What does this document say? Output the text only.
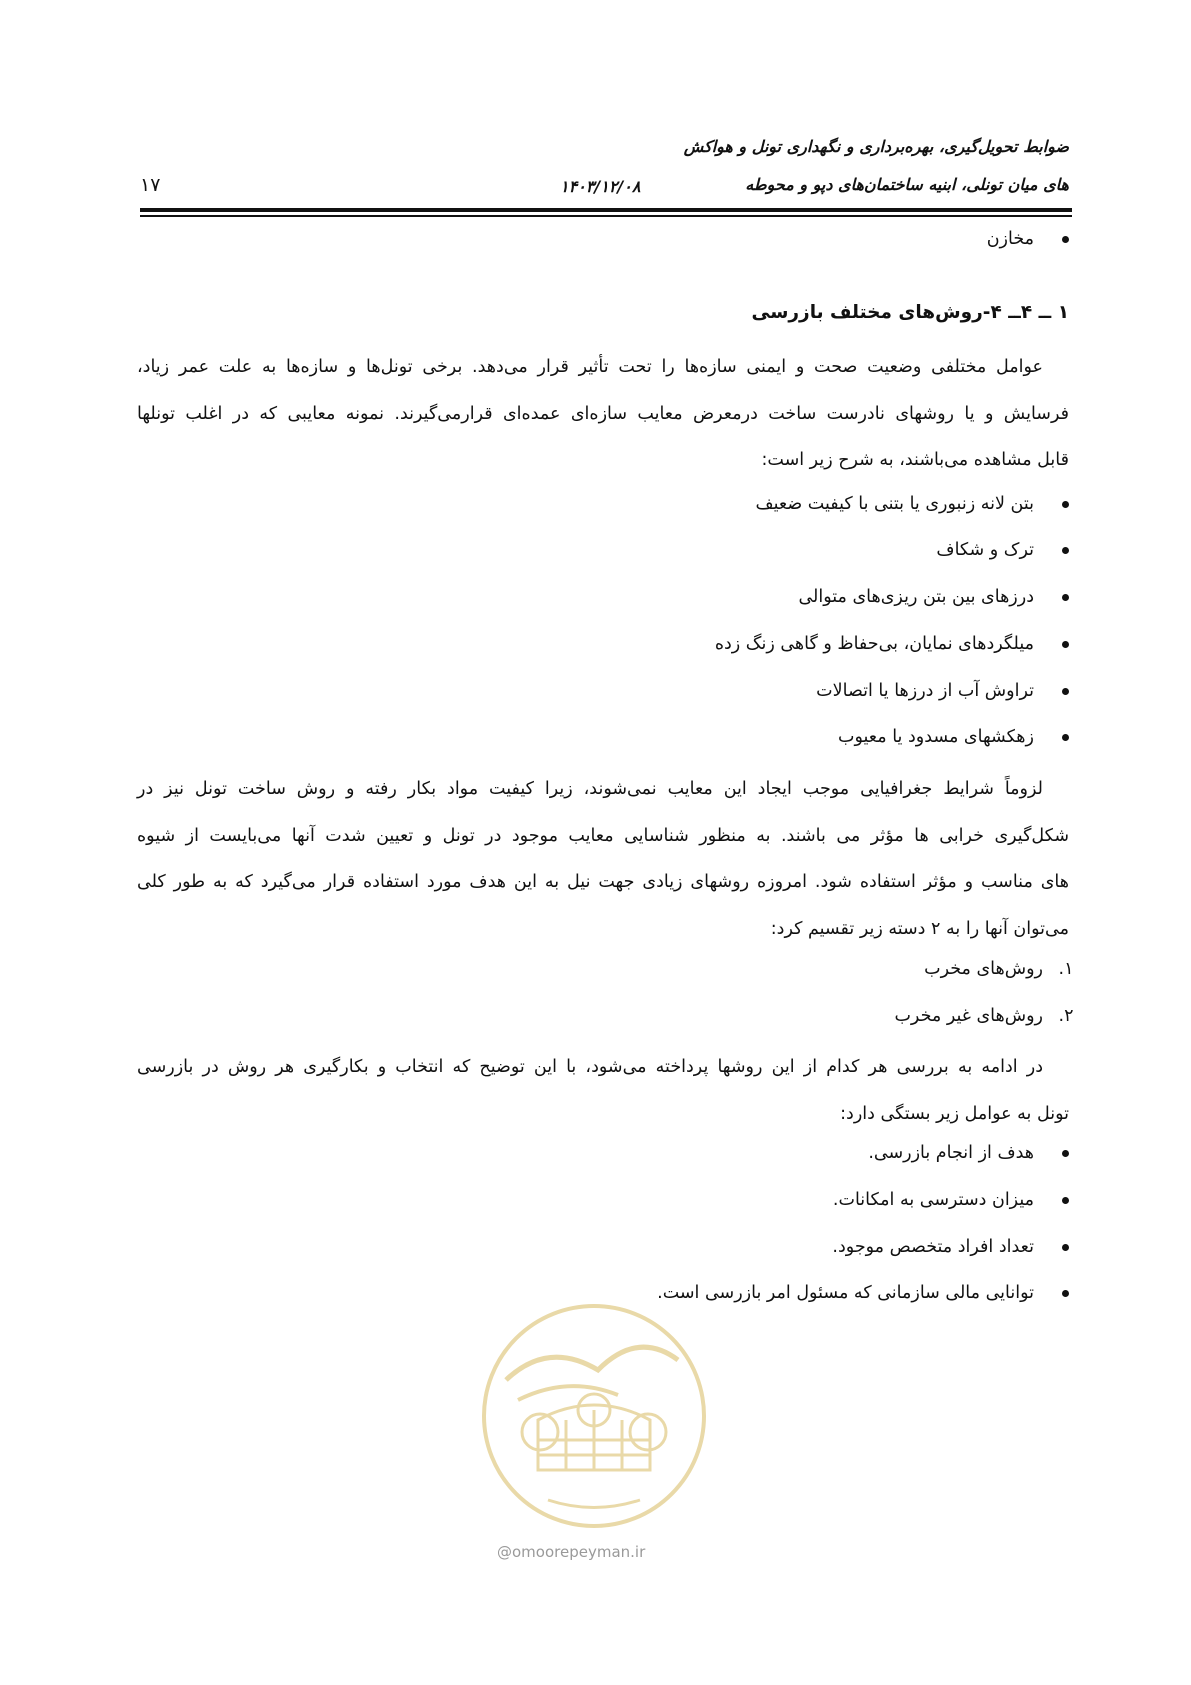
ضوابط تحویل‌گیری، بهره‌برداری و نگهداری تونل و هواکش
های میان تونلی، ابنیه ساختمان‌های دپو و محوطه
۱۴۰۳/۱۲/۰۸
۱۷
مخازن
۱ ــ ۴ــ ۴-روش‌های مختلف بازرسی
عوامل مختلفی وضعیت صحت و ایمنی سازه‌ها را تحت تأثیر قرار می‌دهد. برخی تونل‌ها و سازه‌ها به علت عمر زیاد،
فرسایش و یا روشهای نادرست ساخت درمعرض معایب سازه‌ای عمده‌ای قرارمی‌گیرند. نمونه معایبی که در اغلب تونلها
قابل مشاهده می‌باشند، به شرح زیر است:
بتن لانه زنبوری یا بتنی با کیفیت ضعیف
ترک و شکاف
درزهای بین بتن ریزی‌های متوالی
میلگردهای نمایان، بی‌حفاظ و گاهی زنگ زده
تراوش آب از درزها یا اتصالات
زهکشهای مسدود یا معیوب
لزوماً شرایط جغرافیایی موجب ایجاد این معایب نمی‌شوند، زیرا کیفیت مواد بکار رفته و روش ساخت تونل نیز در
شکل‌گیری خرابی ها مؤثر می باشند. به منظور شناسایی معایب موجود در تونل و تعیین شدت آنها می‌بایست از شیوه
های مناسب و مؤثر استفاده شود. امروزه روشهای زیادی جهت نیل به این هدف مورد استفاده قرار می‌گیرد که به طور کلی
می‌توان آنها را به ۲ دسته زیر تقسیم کرد:
۱.
روش‌های مخرب
۲.
روش‌های غیر مخرب
در ادامه به بررسی هر کدام از این روشها پرداخته می‌شود، با این توضیح که انتخاب و بکارگیری هر روش در بازرسی
تونل به عوامل زیر بستگی دارد:
هدف از انجام بازرسی.
میزان دسترسی به امکانات.
تعداد افراد متخصص موجود.
توانایی مالی سازمانی که مسئول امر بازرسی است.
@omoorepeyman.ir
